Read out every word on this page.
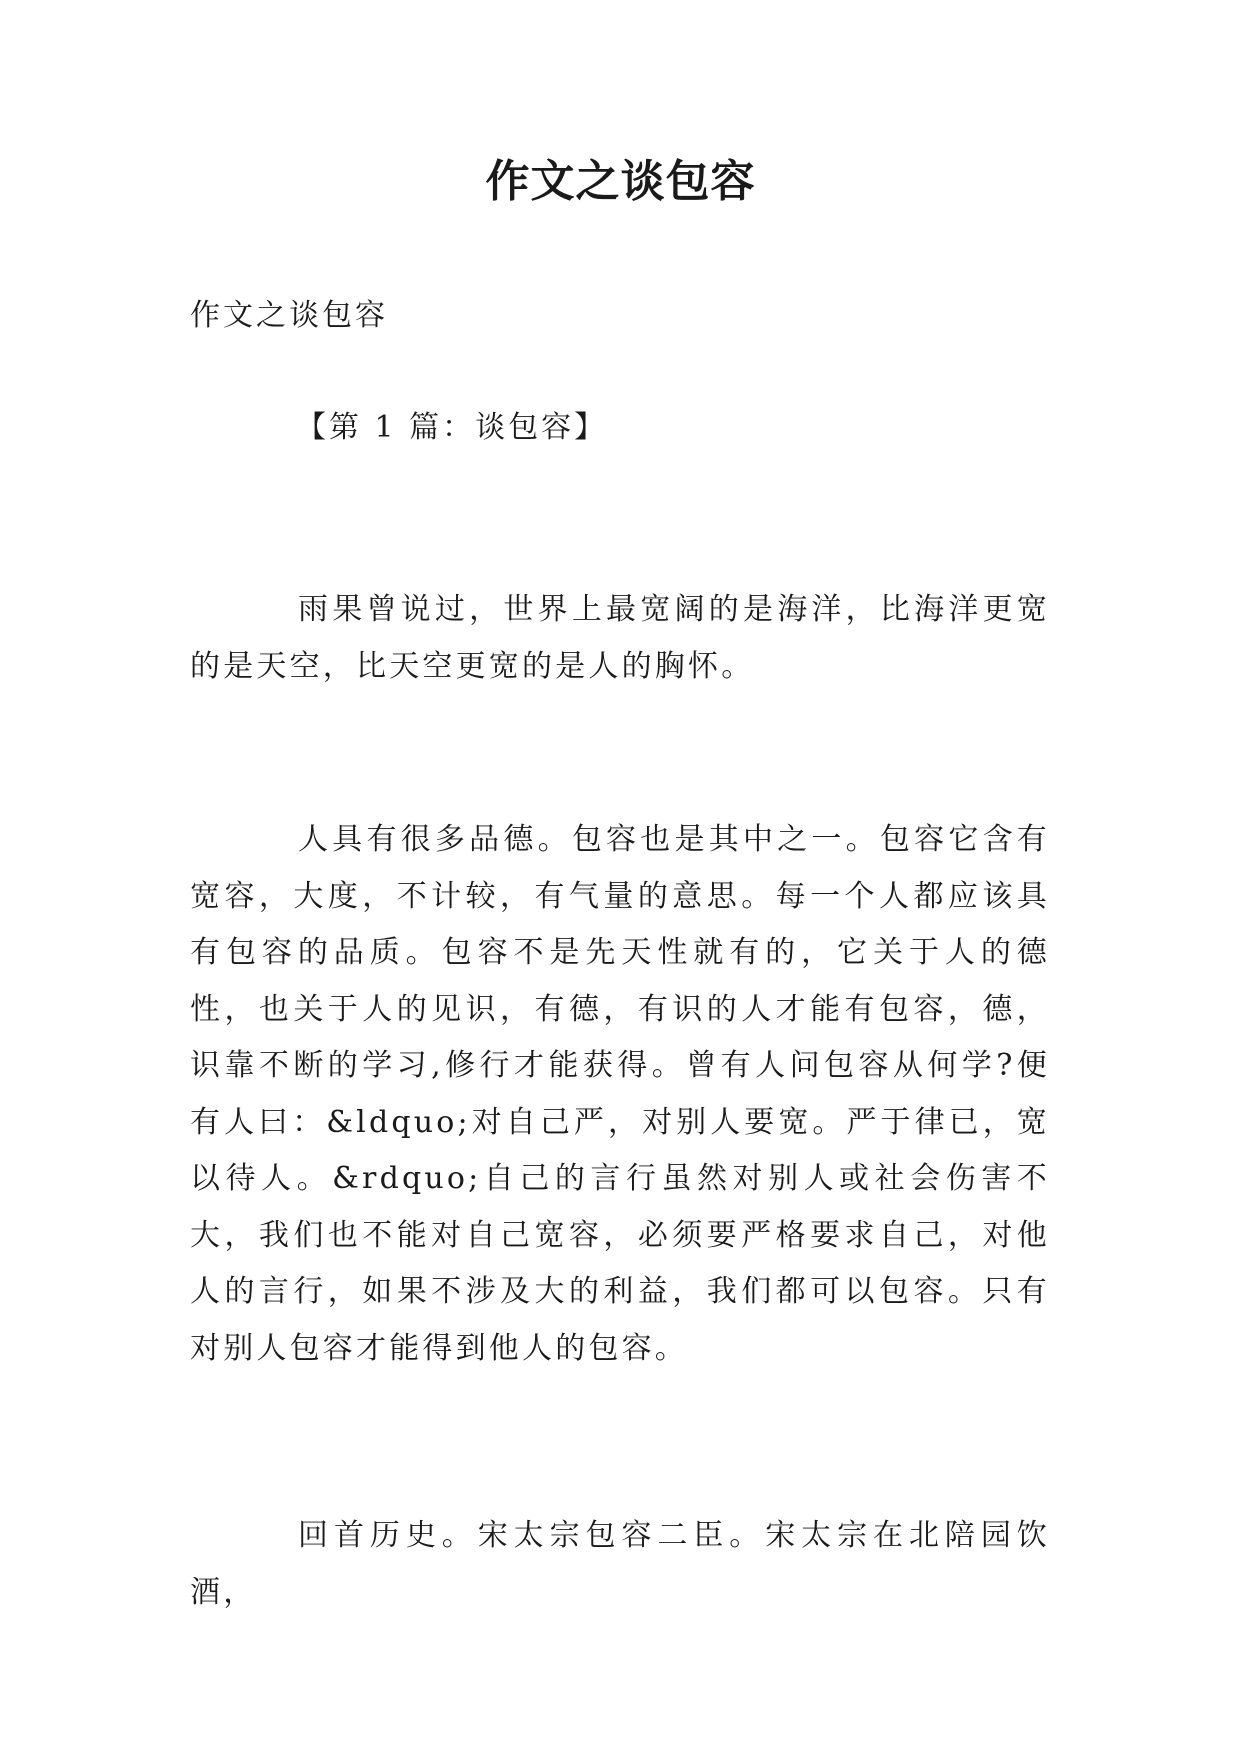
作文之谈包容
作文之谈包容
【第 1 篇：谈包容】

雨果曾说过，世界上最宽阔的是海洋，比海洋更宽的是天空，比天空更宽的是人的胸怀。

人具有很多品德。包容也是其中之一。包容它含有宽容，大度，不计较，有气量的意思。每一个人都应该具有包容的品质。包容不是先天性就有的，它关于人的德性，也关于人的见识，有德，有识的人才能有包容，德，识靠不断的学习,修行才能获得。曾有人问包容从何学?便有人曰：&ldquo;对自己严，对别人要宽。严于律已，宽以待人。&rdquo;自己的言行虽然对别人或社会伤害不大，我们也不能对自己宽容，必须要严格要求自己，对他人的言行，如果不涉及大的利益，我们都可以包容。只有对别人包容才能得到他人的包容。

回首历史。宋太宗包容二臣。宋太宗在北陪园饮酒，
